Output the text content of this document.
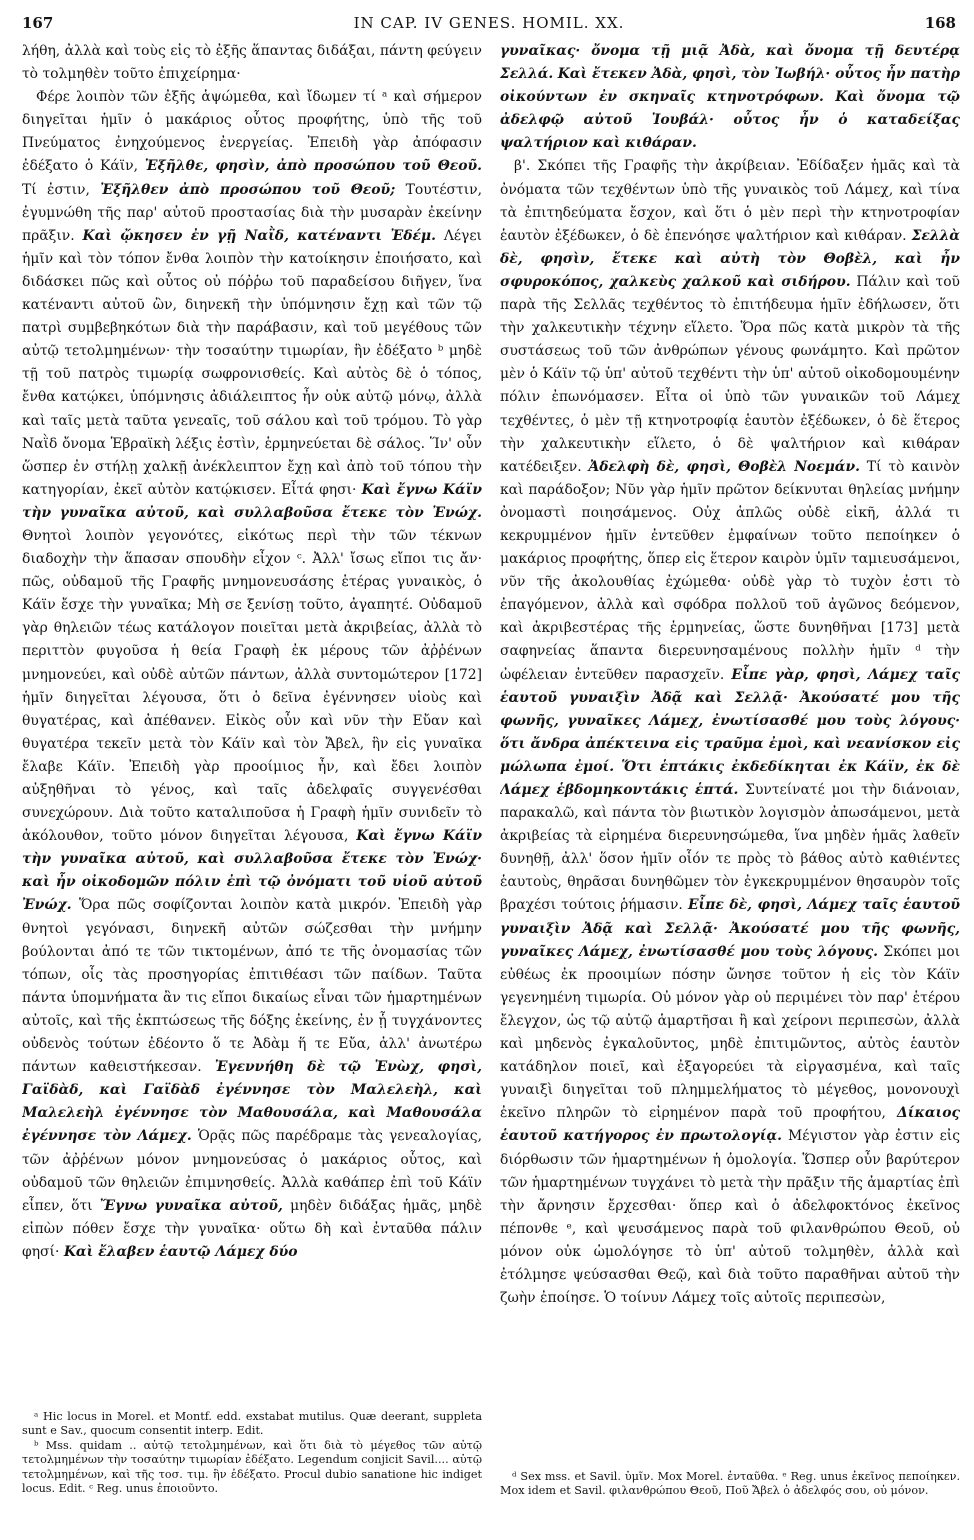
167	IN CAP. IV GENES. HOMIL. XX.	168

λήθη, ἀλλὰ καὶ τοὺς εἰς τὸ ἐξῆς ἅπαντας διδάξαι, πάντη φεύγειν τὸ τολμηθὲν τοῦτο ἐπιχείρημα·

Φέρε λοιπὸν τῶν ἐξῆς ἁψώμεθα, καὶ ἴδωμεν τί ᵃ καὶ σήμερον διηγεῖται ἡμῖν ὁ μακάριος οὗτος προφήτης, ὑπὸ τῆς τοῦ Πνεύματος ἐνηχούμενος ἐνεργείας. Ἐπειδὴ γὰρ ἀπόφασιν ἐδέξατο ὁ Κάϊν, Ἐξῆλθε, φησὶν, ἀπὸ προσώπου τοῦ Θεοῦ. Τί ἐστιν, Ἐξῆλθεν ἀπὸ προσώπου τοῦ Θεοῦ; Τουτέστιν, ἐγυμνώθη τῆς παρ' αὐτοῦ προστασίας διὰ τὴν μυσαρὰν ἐκείνην πρᾶξιν. Καὶ ᾤκησεν ἐν γῇ Ναῒδ, κατέναντι Ἐδέμ. Λέγει ἡμῖν καὶ τὸν τόπον ἔνθα λοιπὸν τὴν κατοίκησιν ἐποιήσατο, καὶ διδάσκει πῶς καὶ οὗτος οὐ πόῤῥω τοῦ παραδείσου διῆγεν, ἵνα κατέναντι αὐτοῦ ὢν, διηνεκῆ τὴν ὑπόμνησιν ἔχῃ καὶ τῶν τῷ πατρὶ συμβεβηκότων διὰ τὴν παράβασιν, καὶ τοῦ μεγέθους τῶν αὐτῷ τετολμημένων· τὴν τοσαύτην τιμωρίαν, ἣν ἐδέξατο ᵇ μηδὲ τῇ τοῦ πατρὸς τιμωρίᾳ σωφρονισθείς. Καὶ αὐτὸς δὲ ὁ τόπος, ἔνθα κατῴκει, ὑπόμνησις ἀδιάλειπτος ἦν οὐκ αὐτῷ μόνῳ, ἀλλὰ καὶ ταῖς μετὰ ταῦτα γενεαῖς, τοῦ σάλου καὶ τοῦ τρόμου. Τὸ γὰρ Ναῒδ ὄνομα Ἑβραϊκὴ λέξις ἐστὶν, ἑρμηνεύεται δὲ σάλος. Ἵν' οὖν ὥσπερ ἐν στήλῃ χαλκῇ ἀνέκλειπτον ἔχῃ καὶ ἀπὸ τοῦ τόπου τὴν κατηγορίαν, ἐκεῖ αὐτὸν κατῴκισεν. Εἶτά φησι· Καὶ ἔγνω Κάϊν τὴν γυναῖκα αὐτοῦ, καὶ συλλαβοῦσα ἔτεκε τὸν Ἐνώχ. Θνητοὶ λοιπὸν γεγονότες, εἰκότως περὶ τὴν τῶν τέκνων διαδοχὴν τὴν ἅπασαν σπουδὴν εἶχον ᶜ. Ἀλλ' ἴσως εἴποι τις ἄν· πῶς, οὐδαμοῦ τῆς Γραφῆς μνημονευσάσης ἑτέρας γυναικὸς, ὁ Κάϊν ἔσχε τὴν γυναῖκα; Μὴ σε ξενίσῃ τοῦτο, ἀγαπητέ. Οὐδαμοῦ γὰρ θηλειῶν τέως κατάλογον ποιεῖται μετὰ ἀκριβείας, ἀλλὰ τὸ περιττὸν φυγοῦσα ἡ θεία Γραφὴ ἐκ μέρους τῶν ἀῤῥένων μνημονεύει, καὶ οὐδὲ αὐτῶν πάντων, ἀλλὰ συντομώτερον [172] ἡμῖν διηγεῖται λέγουσα, ὅτι ὁ δεῖνα ἐγέννησεν υἱοὺς καὶ θυγατέρας, καὶ ἀπέθανεν. Εἰκὸς οὖν καὶ νῦν τὴν Εὔαν καὶ θυγατέρα τεκεῖν μετὰ τὸν Κάϊν καὶ τὸν Ἄβελ, ἣν εἰς γυναῖκα ἔλαβε Κάϊν. Ἐπειδὴ γὰρ προοίμιος ἦν, καὶ ἔδει λοιπὸν αὐξηθῆναι τὸ γένος, καὶ ταῖς ἀδελφαῖς συγγενέσθαι συνεχώρουν. Διὰ τοῦτο καταλιποῦσα ἡ Γραφὴ ἡμῖν συνιδεῖν τὸ ἀκόλουθον, τοῦτο μόνον διηγεῖται λέγουσα, Καὶ ἔγνω Κάϊν τὴν γυναῖκα αὐτοῦ, καὶ συλλαβοῦσα ἔτεκε τὸν Ἐνώχ· καὶ ἦν οἰκοδομῶν πόλιν ἐπὶ τῷ ὀνόματι τοῦ υἱοῦ αὐτοῦ Ἐνώχ. Ὅρα πῶς σοφίζονται λοιπὸν κατὰ μικρόν. Ἐπειδὴ γὰρ θνητοὶ γεγόνασι, διηνεκῆ αὐτῶν σώζεσθαι τὴν μνήμην βούλονται ἀπό τε τῶν τικτομένων, ἀπό τε τῆς ὀνομασίας τῶν τόπων, οἷς τὰς προσηγορίας ἐπιτιθέασι τῶν παίδων. Ταῦτα πάντα ὑπομνήματα ἂν τις εἴποι δικαίως εἶναι τῶν ἡμαρτημένων αὐτοῖς, καὶ τῆς ἐκπτώσεως τῆς δόξης ἐκείνης, ἐν ᾗ τυγχάνοντες οὐδενὸς τούτων ἐδέοντο ὅ τε Ἀδὰμ ἥ τε Εὔα, ἀλλ' ἀνωτέρω πάντων καθειστήκεσαν. Ἐγεννήθη δὲ τῷ Ἐνὼχ, φησὶ, Γαϊδὰδ, καὶ Γαϊδὰδ ἐγέννησε τὸν Μαλελεὴλ, καὶ Μαλελεὴλ ἐγέννησε τὸν Μαθουσάλα, καὶ Μαθουσάλα ἐγέννησε τὸν Λάμεχ. Ὁρᾷς πῶς παρέδραμε τὰς γενεαλογίας, τῶν ἀῤῥένων μόνον μνημονεύσας ὁ μακάριος οὗτος, καὶ οὐδαμοῦ τῶν θηλειῶν ἐπιμνησθείς. Ἀλλὰ καθάπερ ἐπὶ τοῦ Κάϊν εἶπεν, ὅτι Ἔγνω γυναῖκα αὐτοῦ, μηδὲν διδάξας ἡμᾶς, μηδὲ εἰπὼν πόθεν ἔσχε τὴν γυναῖκα· οὕτω δὴ καὶ ἐνταῦθα πάλιν φησί· Καὶ ἔλαβεν ἑαυτῷ Λάμεχ δύο

ᵃ Hic locus in Morel. et Montf. edd. exstabat mutilus. Quæ deerant, suppleta sunt e Sav., quocum consentit interp. Edit.

ᵇ Mss. quidam .. αὐτῷ τετολμημένων, καὶ ὅτι διὰ τὸ μέγεθος τῶν αὐτῷ τετολμημένων τὴν τοσαύτην τιμωρίαν ἐδέξατο. Legendum conjicit Savil.... αὐτῷ τετολμημένων, καὶ τῆς τοσ. τιμ. ἣν ἐδέξατο. Procul dubio sanatione hic indiget locus. Edit. ᶜ Reg. unus ἐποιοῦντο.

γυναῖκας· ὄνομα τῇ μιᾷ Ἀδὰ, καὶ ὄνομα τῇ δευτέρᾳ Σελλά. Καὶ ἔτεκεν Ἀδὰ, φησὶ, τὸν Ἰωβήλ· οὗτος ἦν πατὴρ οἰκούντων ἐν σκηναῖς κτηνοτρόφων. Καὶ ὄνομα τῷ ἀδελφῷ αὐτοῦ Ἰουβάλ· οὗτος ἦν ὁ καταδείξας ψαλτήριον καὶ κιθάραν.

β'. Σκόπει τῆς Γραφῆς τὴν ἀκρίβειαν. Ἐδίδαξεν ἡμᾶς καὶ τὰ ὀνόματα τῶν τεχθέντων ὑπὸ τῆς γυναικὸς τοῦ Λάμεχ, καὶ τίνα τὰ ἐπιτηδεύματα ἔσχον, καὶ ὅτι ὁ μὲν περὶ τὴν κτηνοτροφίαν ἑαυτὸν ἐξέδωκεν, ὁ δὲ ἐπενόησε ψαλτήριον καὶ κιθάραν. Σελλὰ δὲ, φησὶν, ἔτεκε καὶ αὐτὴ τὸν Θοβὲλ, καὶ ἦν σφυροκόπος, χαλκεὺς χαλκοῦ καὶ σιδήρου. Πάλιν καὶ τοῦ παρὰ τῆς Σελλᾶς τεχθέντος τὸ ἐπιτήδευμα ἡμῖν ἐδήλωσεν, ὅτι τὴν χαλκευτικὴν τέχνην εἵλετο. Ὅρα πῶς κατὰ μικρὸν τὰ τῆς συστάσεως τοῦ τῶν ἀνθρώπων γένους φωνάμητο. Καὶ πρῶτον μὲν ὁ Κάϊν τῷ ὑπ' αὐτοῦ τεχθέντι τὴν ὑπ' αὐτοῦ οἰκοδομουμένην πόλιν ἐπωνόμασεν. Εἶτα οἱ ὑπὸ τῶν γυναικῶν τοῦ Λάμεχ τεχθέντες, ὁ μὲν τῇ κτηνοτροφίᾳ ἑαυτὸν ἐξέδωκεν, ὁ δὲ ἕτερος τὴν χαλκευτικὴν εἵλετο, ὁ δὲ ψαλτήριον καὶ κιθάραν κατέδειξεν. Ἀδελφὴ δὲ, φησὶ, Θοβὲλ Νοεμάν. Τί τὸ καινὸν καὶ παράδοξον; Νῦν γὰρ ἡμῖν πρῶτον δείκνυται θηλείας μνήμην ὀνομαστὶ ποιησάμενος. Οὐχ ἁπλῶς οὐδὲ εἰκῆ, ἀλλά τι κεκρυμμένον ἡμῖν ἐντεῦθεν ἐμφαίνων τοῦτο πεποίηκεν ὁ μακάριος προφήτης, ὅπερ εἰς ἕτερον καιρὸν ὑμῖν ταμιευσάμενοι, νῦν τῆς ἀκολουθίας ἐχώμεθα· οὐδὲ γὰρ τὸ τυχὸν ἐστι τὸ ἐπαγόμενον, ἀλλὰ καὶ σφόδρα πολλοῦ τοῦ ἀγῶνος δεόμενον, καὶ ἀκριβεστέρας τῆς ἑρμηνείας, ὥστε δυνηθῆναι [173] μετὰ σαφηνείας ἅπαντα διερευνησαμένους πολλὴν ἡμῖν ᵈ τὴν ὠφέλειαν ἐντεῦθεν παρασχεῖν. Εἶπε γὰρ, φησὶ, Λάμεχ ταῖς ἑαυτοῦ γυναιξὶν Ἀδᾷ καὶ Σελλᾷ· Ἀκούσατέ μου τῆς φωνῆς, γυναῖκες Λάμεχ, ἐνωτίσασθέ μου τοὺς λόγους· ὅτι ἄνδρα ἀπέκτεινα εἰς τραῦμα ἐμοὶ, καὶ νεανίσκον εἰς μώλωπα ἐμοί. Ὅτι ἑπτάκις ἐκδεδίκηται ἐκ Κάϊν, ἐκ δὲ Λάμεχ ἑβδομηκοντάκις ἑπτά. Συντείνατέ μοι τὴν διάνοιαν, παρακαλῶ, καὶ πάντα τὸν βιωτικὸν λογισμὸν ἀπωσάμενοι, μετὰ ἀκριβείας τὰ εἰρημένα διερευνησώμεθα, ἵνα μηδὲν ἡμᾶς λαθεῖν δυνηθῇ, ἀλλ' ὅσον ἡμῖν οἷόν τε πρὸς τὸ βάθος αὐτὸ καθιέντες ἑαυτοὺς, θηρᾶσαι δυνηθῶμεν τὸν ἐγκεκρυμμένον θησαυρὸν τοῖς βραχέσι τούτοις ῥήμασιν. Εἶπε δὲ, φησὶ, Λάμεχ ταῖς ἑαυτοῦ γυναιξὶν Ἀδᾷ καὶ Σελλᾷ· Ἀκούσατέ μου τῆς φωνῆς, γυναῖκες Λάμεχ, ἐνωτίσασθέ μου τοὺς λόγους. Σκόπει μοι εὐθέως ἐκ προοιμίων πόσην ὤνησε τοῦτον ἡ εἰς τὸν Κάϊν γεγενημένη τιμωρία. Οὐ μόνον γὰρ οὐ περιμένει τὸν παρ' ἑτέρου ἔλεγχον, ὡς τῷ αὐτῷ ἁμαρτῆσαι ἢ καὶ χείρονι περιπεσὼν, ἀλλὰ καὶ μηδενὸς ἐγκαλοῦντος, μηδὲ ἐπιτιμῶντος, αὐτὸς ἑαυτὸν κατάδηλον ποιεῖ, καὶ ἐξαγορεύει τὰ εἰργασμένα, καὶ ταῖς γυναιξὶ διηγεῖται τοῦ πλημμελήματος τὸ μέγεθος, μονονουχὶ ἐκεῖνο πληρῶν τὸ εἰρημένον παρὰ τοῦ προφήτου, Δίκαιος ἑαυτοῦ κατήγορος ἐν πρωτολογίᾳ. Μέγιστον γὰρ ἐστιν εἰς διόρθωσιν τῶν ἡμαρτημένων ἡ ὁμολογία. Ὥσπερ οὖν βαρύτερον τῶν ἡμαρτημένων τυγχάνει τὸ μετὰ τὴν πρᾶξιν τῆς ἁμαρτίας ἐπὶ τὴν ἄρνησιν ἔρχεσθαι· ὅπερ καὶ ὁ ἀδελφοκτόνος ἐκεῖνος πέπονθε ᵉ, καὶ ψευσάμενος παρὰ τοῦ φιλανθρώπου Θεοῦ, οὐ μόνον οὐκ ὡμολόγησε τὸ ὑπ' αὐτοῦ τολμηθὲν, ἀλλὰ καὶ ἐτόλμησε ψεύσασθαι Θεῷ, καὶ διὰ τοῦτο παραθῆναι αὐτοῦ τὴν ζωὴν ἐποίησε. Ὁ τοίνυν Λάμεχ τοῖς αὐτοῖς περιπεσὼν,

ᵈ Sex mss. et Savil. ὑμῖν. Mox Morel. ἐνταῦθα. ᵉ Reg. unus ἐκεῖνος πεποίηκεν. Mox idem et Savil. φιλανθρώπου Θεοῦ, Ποῦ Ἄβελ ὁ ἀδελφός σου, οὐ μόνον.
